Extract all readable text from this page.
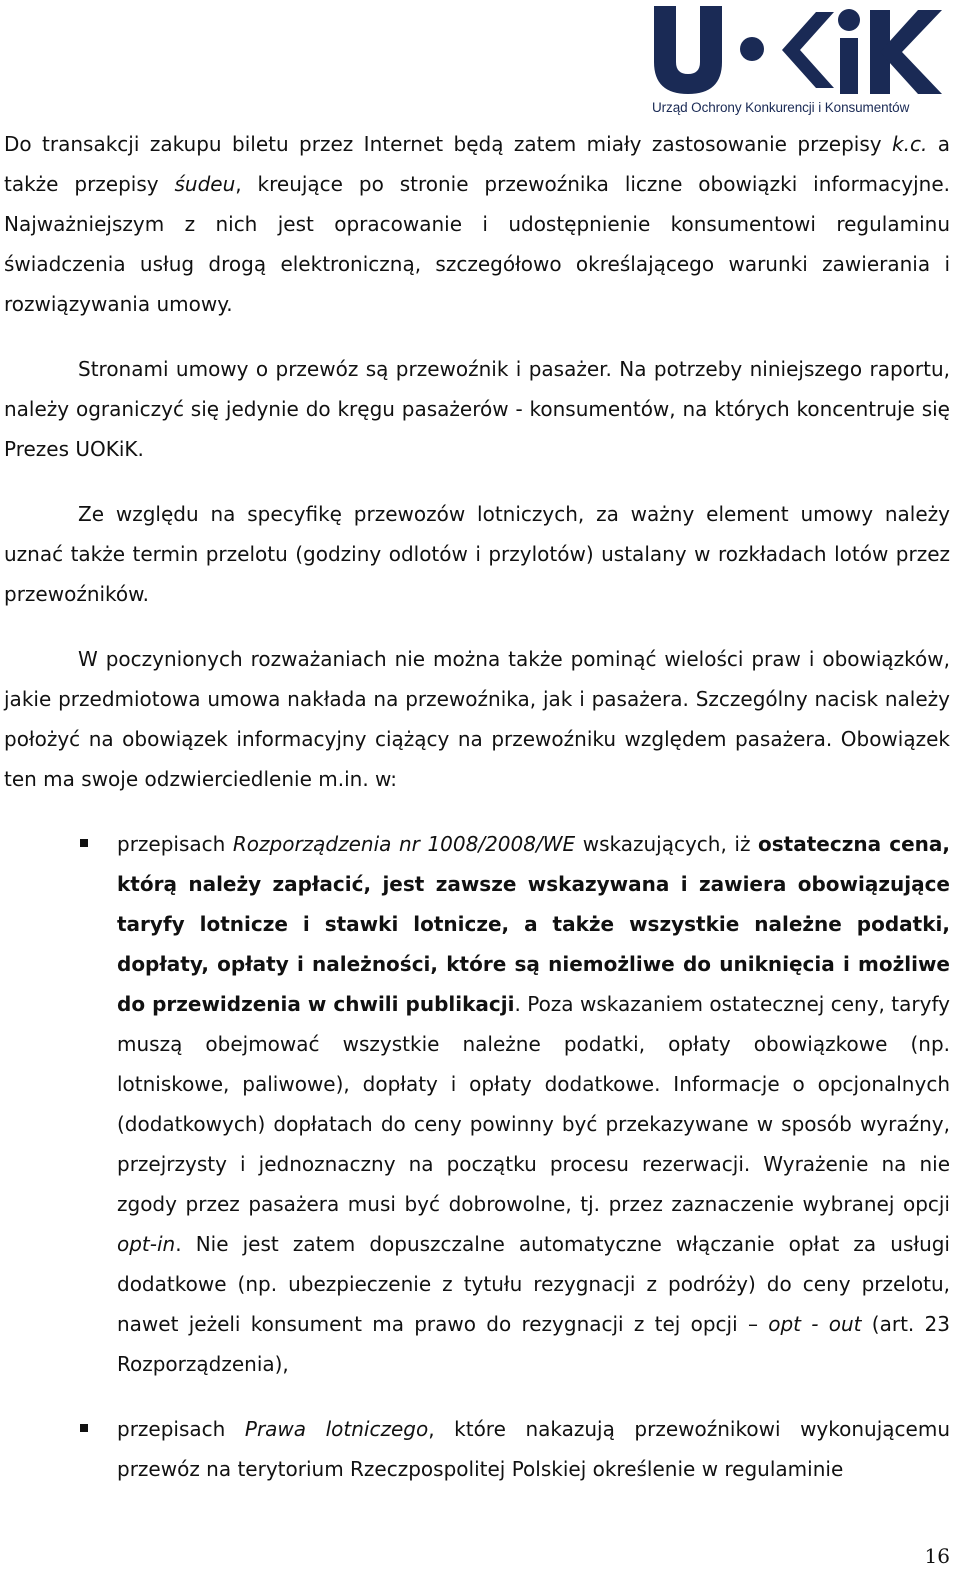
Urząd Ochrony Konkurencji i Konsumentów

Do transakcji zakupu biletu przez Internet będą zatem miały zastosowanie przepisy k.c. a także przepisy śudeu, kreujące po stronie przewoźnika liczne obowiązki informacyjne. Najważniejszym z nich jest opracowanie i udostępnienie konsumentowi regulaminu świadczenia usług drogą elektroniczną, szczegółowo określającego warunki zawierania i rozwiązywania umowy.

Stronami umowy o przewóz są przewoźnik i pasażer. Na potrzeby niniejszego raportu, należy ograniczyć się jedynie do kręgu pasażerów - konsumentów, na których koncentruje się Prezes UOKiK.

Ze względu na specyfikę przewozów lotniczych, za ważny element umowy należy uznać także termin przelotu (godziny odlotów i przylotów) ustalany w rozkładach lotów przez przewoźników.

W poczynionych rozważaniach nie można także pominąć wielości praw i obowiązków, jakie przedmiotowa umowa nakłada na przewoźnika, jak i pasażera. Szczególny nacisk należy położyć na obowiązek informacyjny ciążący na przewoźniku względem pasażera. Obowiązek ten ma swoje odzwierciedlenie m.in. w:

przepisach Rozporządzenia nr 1008/2008/WE wskazujących, iż ostateczna cena, którą należy zapłacić, jest zawsze wskazywana i zawiera obowiązujące taryfy lotnicze i stawki lotnicze, a także wszystkie należne podatki, dopłaty, opłaty i należności, które są niemożliwe do uniknięcia i możliwe do przewidzenia w chwili publikacji. Poza wskazaniem ostatecznej ceny, taryfy muszą obejmować wszystkie należne podatki, opłaty obowiązkowe (np. lotniskowe, paliwowe), dopłaty i opłaty dodatkowe. Informacje o opcjonalnych (dodatkowych) dopłatach do ceny powinny być przekazywane w sposób wyraźny, przejrzysty i jednoznaczny na początku procesu rezerwacji. Wyrażenie na nie zgody przez pasażera musi być dobrowolne, tj. przez zaznaczenie wybranej opcji opt-in. Nie jest zatem dopuszczalne automatyczne włączanie opłat za usługi dodatkowe (np. ubezpieczenie z tytułu rezygnacji z podróży) do ceny przelotu, nawet jeżeli konsument ma prawo do rezygnacji z tej opcji – opt - out (art. 23 Rozporządzenia),
przepisach Prawa lotniczego, które nakazują przewoźnikowi wykonującemu przewóz na terytorium Rzeczpospolitej Polskiej określenie w regulaminie
16
